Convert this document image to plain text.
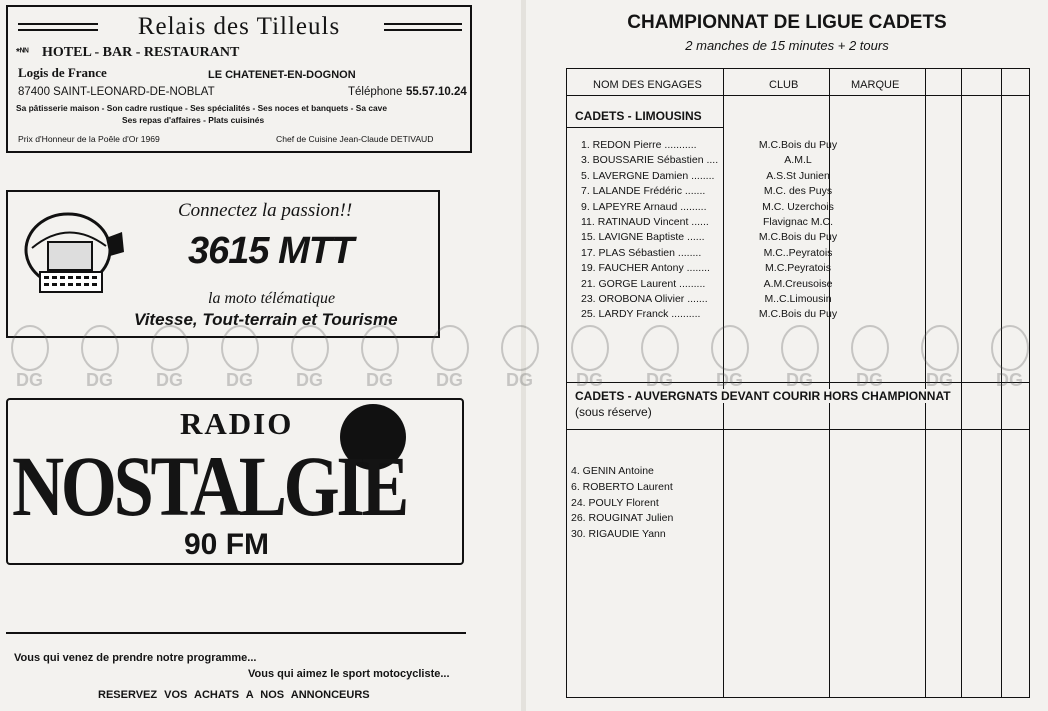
Relais des Tilleuls
*ᴺᴺ HOTEL - BAR - RESTAURANT
Logis de France	LE CHATENET-EN-DOGNON
87400 SAINT-LEONARD-DE-NOBLAT	Téléphone 55.57.10.24
Sa pâtisserie maison - Son cadre rustique - Ses spécialités - Ses noces et banquets - Sa cave
Ses repas d'affaires - Plats cuisinés
Prix d'Honneur de la Poêle d'Or 1969	Chef de Cuisine Jean-Claude DETIVAUD
Connectez la passion!!
3615 MTT
la moto télématique
Vitesse, Tout-terrain et Tourisme
RADIO
NOSTALGIE
90 FM
Vous qui venez de prendre notre programme...
Vous qui aimez le sport motocycliste...
RESERVEZ VOS ACHATS A NOS ANNONCEURS
CHAMPIONNAT DE LIGUE CADETS
2 manches de 15 minutes + 2 tours
NOM DES ENGAGES	CLUB	MARQUE
CADETS - LIMOUSINS
1. REDON Pierre ...........	M.C.Bois du Puy
3. BOUSSARIE Sébastien ....	A.M.L
5. LAVERGNE Damien ........	A.S.St Junien
7. LALANDE Frédéric .......	M.C. des Puys
9. LAPEYRE Arnaud .........	M.C. Uzerchois
11. RATINAUD Vincent ......	Flavignac M.C.
15. LAVIGNE Baptiste ......	M.C.Bois du Puy
17. PLAS Sébastien ........	M.C..Peyratois
19. FAUCHER Antony ........	M.C.Peyratois
21. GORGE Laurent .........	A.M.Creusoise
23. OROBONA Olivier .......	M..C.Limousin
25. LARDY Franck ..........	M.C.Bois du Puy
CADETS - AUVERGNATS DEVANT COURIR HORS CHAMPIONNAT
(sous réserve)
4. GENIN Antoine
6. ROBERTO Laurent
24. POULY Florent
26. ROUGINAT Julien
30. RIGAUDIE Yann
DG DG DG DG DG DG DG DG DG DG DG DG DG DG DG
